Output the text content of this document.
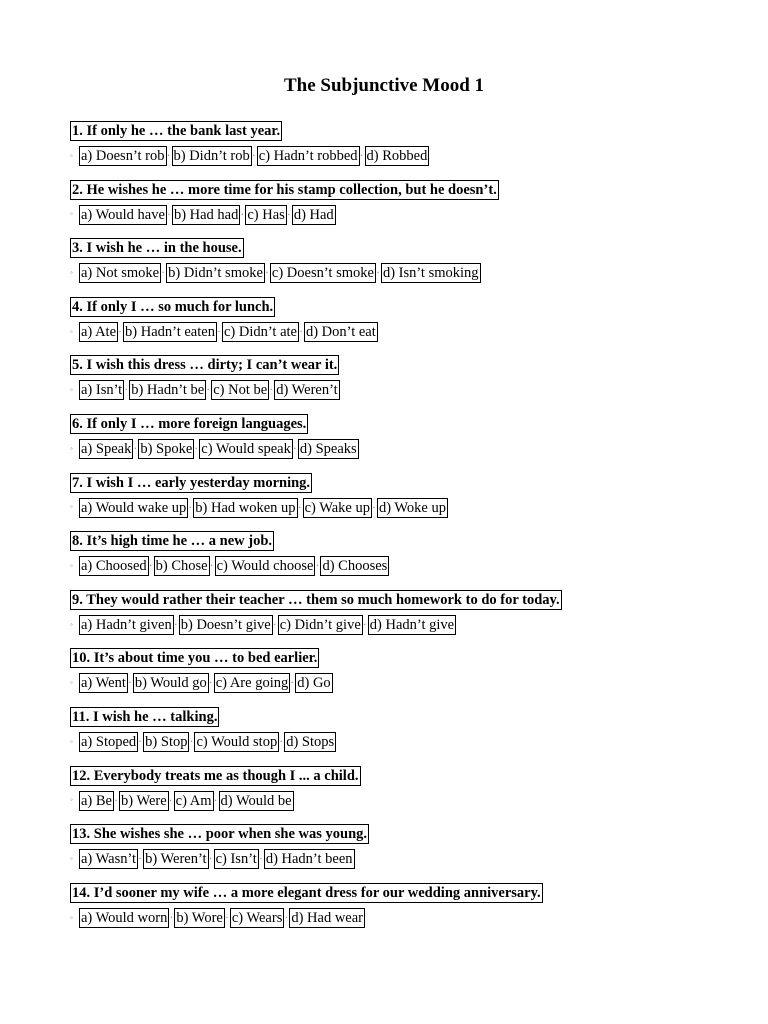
The Subjunctive Mood 1
1. If only he … the bank last year.
◦ a) Doesn’t rob · b) Didn’t rob · c) Hadn’t robbed · d) Robbed
2. He wishes he … more time for his stamp collection, but he doesn’t.
◦ a) Would have · b) Had had · c) Has · d) Had
3. I wish he … in the house.
◦ a) Not smoke · b) Didn’t smoke · c) Doesn’t smoke · d) Isn’t smoking
4. If only I … so much for lunch.
◦ a) Ate · b) Hadn’t eaten · c) Didn’t ate · d) Don’t eat
5. I wish this dress … dirty; I can’t wear it.
◦ a) Isn’t · b) Hadn’t be · c) Not be · d) Weren’t
6. If only I … more foreign languages.
◦ a) Speak · b) Spoke · c) Would speak · d) Speaks
7. I wish I … early yesterday morning.
◦ a) Would wake up · b) Had woken up · c) Wake up · d) Woke up
8. It’s high time he … a new job.
◦ a) Choosed · b) Chose · c) Would choose · d) Chooses
9. They would rather their teacher … them so much homework to do for today.
◦ a) Hadn’t given · b) Doesn’t give · c) Didn’t give · d) Hadn’t give
10. It’s about time you … to bed earlier.
◦ a) Went · b) Would go · c) Are going · d) Go
11. I wish he … talking.
◦ a) Stoped · b) Stop · c) Would stop · d) Stops
12. Everybody treats me as though I ... a child.
◦ a) Be · b) Were · c) Am · d) Would be
13. She wishes she … poor when she was young.
◦ a) Wasn’t · b) Weren’t · c) Isn’t · d) Hadn’t been
14. I’d sooner my wife … a more elegant dress for our wedding anniversary.
◦ a) Would worn · b) Wore · c) Wears · d) Had wear
